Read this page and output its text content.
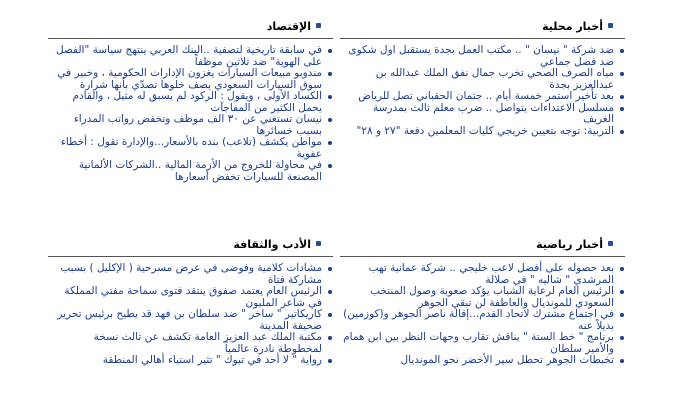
أخبار محلية
ضد شركة " نيسان " .. مكتب العمل بجدة يستقبل اول شكوى ضد فصل جماعي
مياه الصرف الصحي تخرب جمال نفق الملك عبدالله بن عبدالعزيز بجدة
بعد تأخير استمر خمسة أيام .. جثمان الحقباني تصل للرياض
مسلسل الاعتداءات يتواصل .. ضرب معلم ثالث بمدرسة الغريف
التربية: توجه بتعيين خريجي كليات المعلمين دفعة "٢٧ و ٢٨"
الإقتصاد
في سابقة تاريخية لتصفية ..البنك العربي ينتهج سياسة "الفصل على الهوية" ضد ثلاثين موظفاً
مندوبو مبيعات السيارات يغزون الإدارات الحكومية ، وخبير في سوق السيارات السعودي يصف خلوها تصدّي بأنها شرارة
الكساد الأولى ، ويقول : الركود لم يسبق له مثيل ، والقادم يحمل الكثير من المفاجآت
نيسان تستغني عن ٣٠ الف موظف وتخفض رواتب المدراء بسبب خسائرها
مواطن يكشف (تلاعب) بنده بالأسعار...والإدارة تقول : أخطاء عفوية
في محاولة للخروج من الأزمة المالية ..الشركات الألمانية المصنعة للسيارات تخفض أسعارها
أخبار رياضية
بعد حصوله على أفضل لاعب خليجي .. شركة عمانية تهب المرشدي " شاليه " في صلالة
الرئيس العام لرعاية الشباب يؤكد صعوبة وصول المنتخب السعودي للمونديال والعاطفة لن تبقي الجوهر
في اجتماع مشترك لاتحاد القدم...إقالة ناصر الجوهر و(كوزمين) بديلاً عنه
برنامج " خط الستة " يناقش تقارب وجهات النظر بين ابن همام والأمير سلطان
تخبطات الجوهر تحطل سير الأخضر نحو المونديال
الأدب والثقافة
مشادات كلامية وفوضى في عرض مسرحية ( الإكليل ) بسبب مشاركة فتاة
الرئيس العام يعتمد صفوق ينتقد فتوى سماحة مفتي المملكة في شاعر المليون
كاريكاتير " ساخر " ضد سلطان بن فهد قد يطيح برئيس تحرير صحيفة المدينة
مكتبة الملك عبد العزيز العامة تكشف عن ثالث نسخة لمخطوطة نادرة عالمياً
رواية " لا أحد في تبوك " تثير استياء أهالي المنطقة
